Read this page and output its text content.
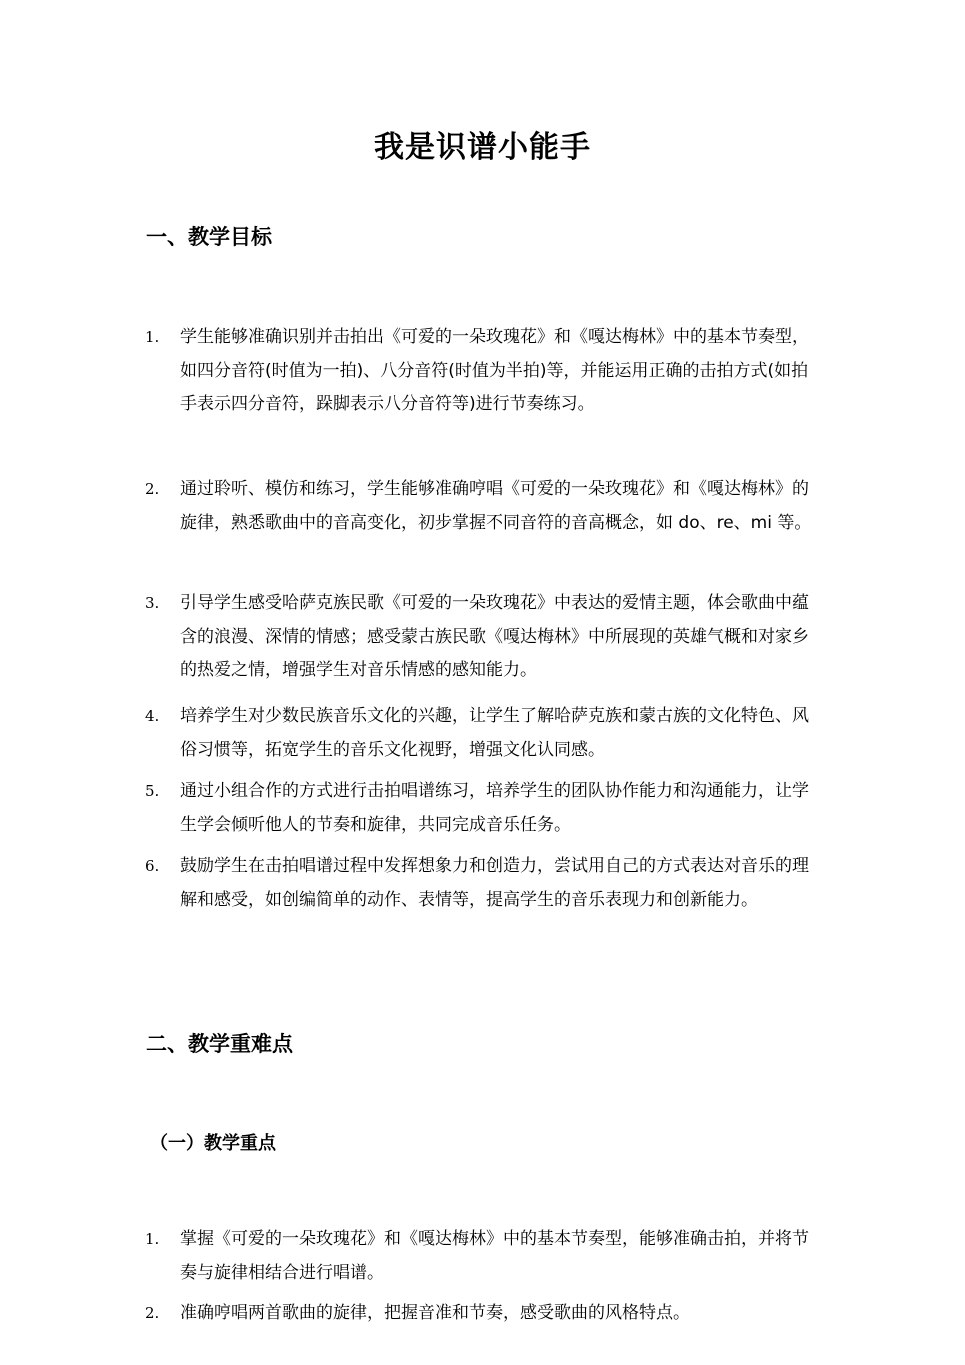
我是识谱小能手
一、教学目标
1.	学生能够准确识别并击拍出《可爱的一朵玫瑰花》和《嘎达梅林》中的基本节奏型，如四分音符(时值为一拍)、八分音符(时值为半拍)等，并能运用正确的击拍方式(如拍手表示四分音符，跺脚表示八分音符等)进行节奏练习。
2.	通过聆听、模仿和练习，学生能够准确哼唱《可爱的一朵玫瑰花》和《嘎达梅林》的旋律，熟悉歌曲中的音高变化，初步掌握不同音符的音高概念，如 do、re、mi 等。
3.	引导学生感受哈萨克族民歌《可爱的一朵玫瑰花》中表达的爱情主题，体会歌曲中蕴含的浪漫、深情的情感；感受蒙古族民歌《嘎达梅林》中所展现的英雄气概和对家乡的热爱之情，增强学生对音乐情感的感知能力。
4.	培养学生对少数民族音乐文化的兴趣，让学生了解哈萨克族和蒙古族的文化特色、风俗习惯等，拓宽学生的音乐文化视野，增强文化认同感。
5.	通过小组合作的方式进行击拍唱谱练习，培养学生的团队协作能力和沟通能力，让学生学会倾听他人的节奏和旋律，共同完成音乐任务。
6.	鼓励学生在击拍唱谱过程中发挥想象力和创造力，尝试用自己的方式表达对音乐的理解和感受，如创编简单的动作、表情等，提高学生的音乐表现力和创新能力。
二、教学重难点
（一）教学重点
1.	掌握《可爱的一朵玫瑰花》和《嘎达梅林》中的基本节奏型，能够准确击拍，并将节奏与旋律相结合进行唱谱。
2.	准确哼唱两首歌曲的旋律，把握音准和节奏，感受歌曲的风格特点。
